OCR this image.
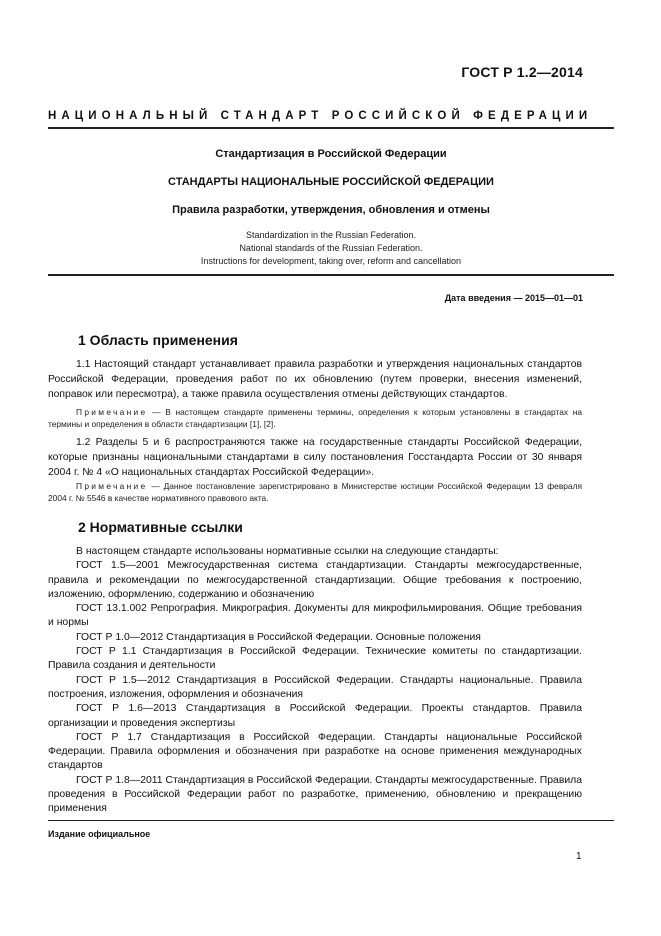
ГОСТ Р 1.2—2014
НАЦИОНАЛЬНЫЙ СТАНДАРТ РОССИЙСКОЙ ФЕДЕРАЦИИ
Стандартизация в Российской Федерации
СТАНДАРТЫ НАЦИОНАЛЬНЫЕ РОССИЙСКОЙ ФЕДЕРАЦИИ
Правила разработки, утверждения, обновления и отмены
Standardization in the Russian Federation.
National standards of the Russian Federation.
Instructions for development, taking over, reform and cancellation
Дата введения — 2015—01—01
1 Область применения
1.1 Настоящий стандарт устанавливает правила разработки и утверждения национальных стандартов Российской Федерации, проведения работ по их обновлению (путем проверки, внесения изменений, поправок или пересмотра), а также правила осуществления отмены действующих стандартов.
Примечание — В настоящем стандарте применены термины, определения к которым установлены в стандартах на термины и определения в области стандартизации [1], [2].
1.2 Разделы 5 и 6 распространяются также на государственные стандарты Российской Федерации, которые признаны национальными стандартами в силу постановления Госстандарта России от 30 января 2004 г. № 4 «О национальных стандартах Российской Федерации».
Примечание — Данное постановление зарегистрировано в Министерстве юстиции Российской Федерации 13 февраля 2004 г. № 5546 в качестве нормативного правового акта.
2 Нормативные ссылки
В настоящем стандарте использованы нормативные ссылки на следующие стандарты:
ГОСТ 1.5—2001 Межгосударственная система стандартизации. Стандарты межгосударственные, правила и рекомендации по межгосударственной стандартизации. Общие требования к построению, изложению, оформлению, содержанию и обозначению
ГОСТ 13.1.002 Репрография. Микрография. Документы для микрофильмирования. Общие требования и нормы
ГОСТ Р 1.0—2012 Стандартизация в Российской Федерации. Основные положения
ГОСТ Р 1.1 Стандартизация в Российской Федерации. Технические комитеты по стандартизации. Правила создания и деятельности
ГОСТ Р 1.5—2012 Стандартизация в Российской Федерации. Стандарты национальные. Правила построения, изложения, оформления и обозначения
ГОСТ Р 1.6—2013 Стандартизация в Российской Федерации. Проекты стандартов. Правила организации и проведения экспертизы
ГОСТ Р 1.7 Стандартизация в Российской Федерации. Стандарты национальные Российской Федерации. Правила оформления и обозначения при разработке на основе применения международных стандартов
ГОСТ Р 1.8—2011 Стандартизация в Российской Федерации. Стандарты межгосударственные. Правила проведения в Российской Федерации работ по разработке, применению, обновлению и прекращению применения
Издание официальное
1
